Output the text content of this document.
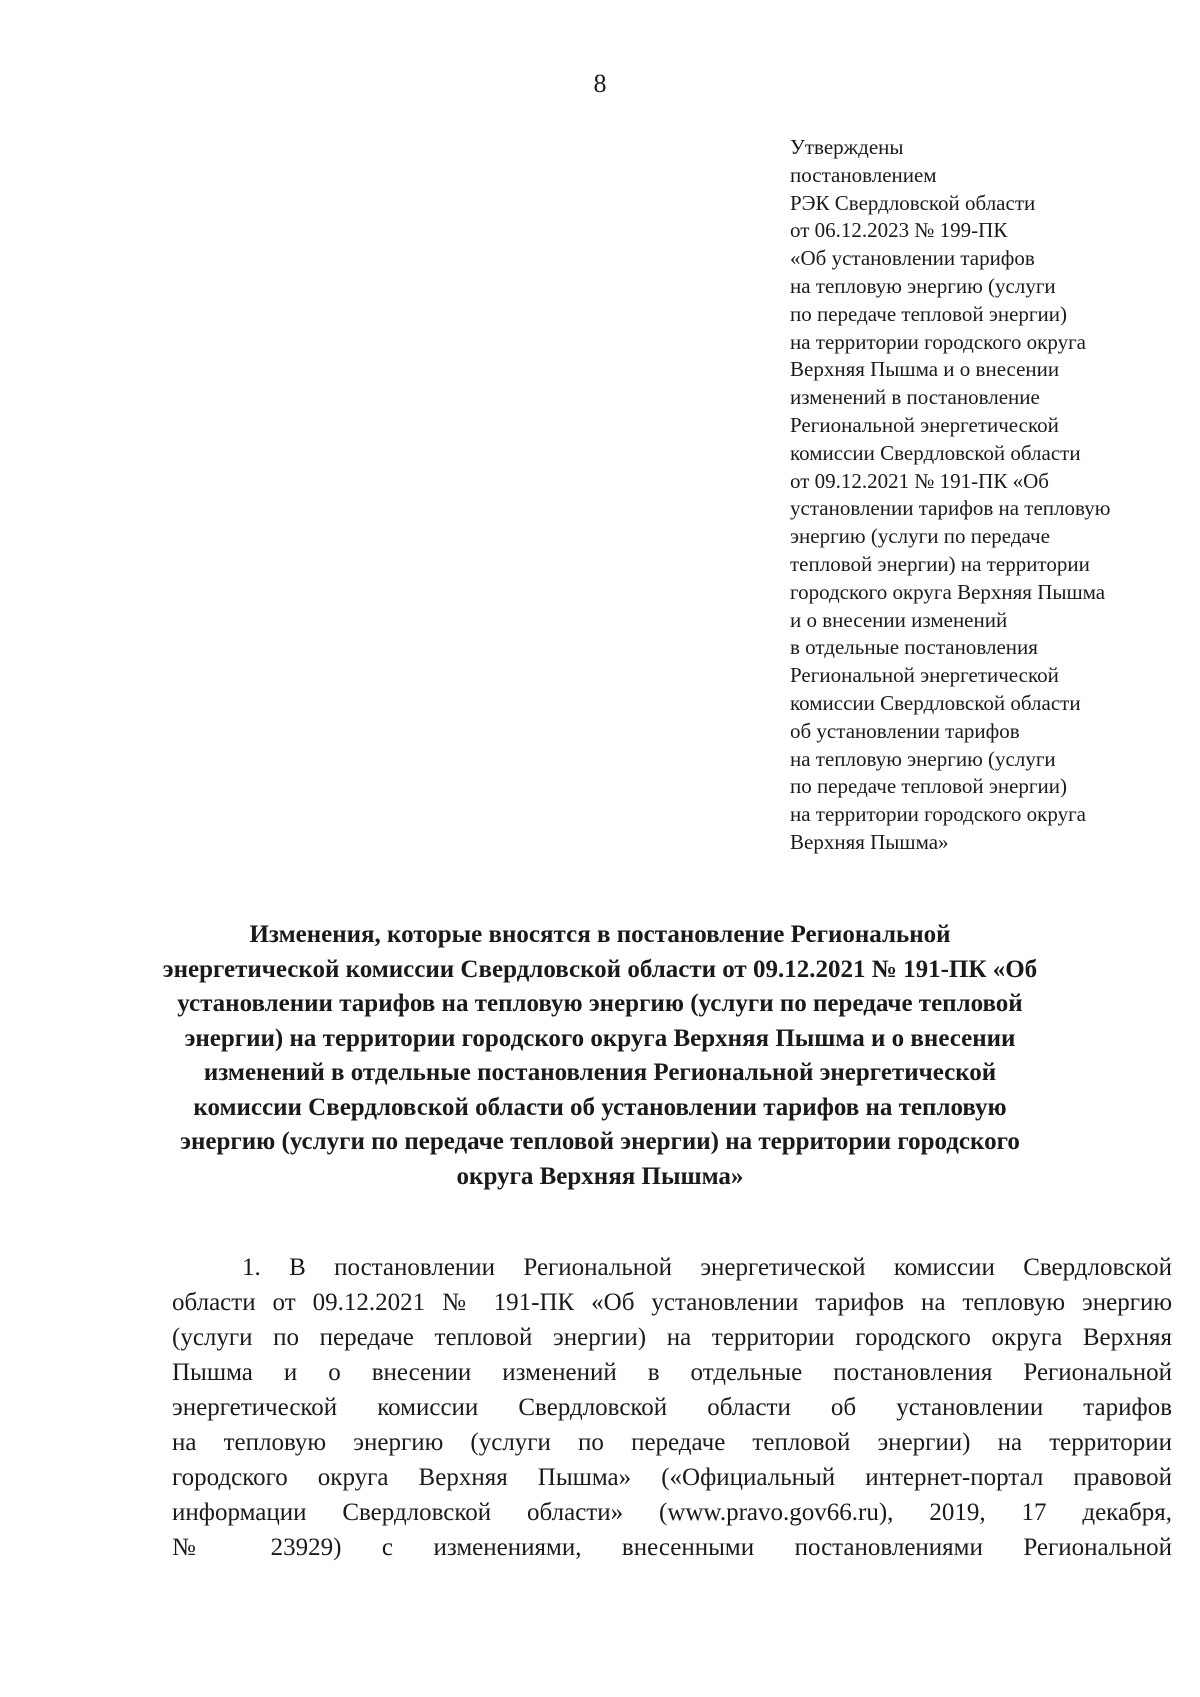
8
Утверждены
постановлением
РЭК Свердловской области
от 06.12.2023 № 199-ПК
«Об установлении тарифов
на тепловую энергию (услуги
по передаче тепловой энергии)
на территории городского округа
Верхняя Пышма и о внесении
изменений в постановление
Региональной энергетической
комиссии Свердловской области
от 09.12.2021 № 191-ПК «Об
установлении тарифов на тепловую
энергию (услуги по передаче
тепловой энергии) на территории
городского округа Верхняя Пышма
и о внесении изменений
в отдельные постановления
Региональной энергетической
комиссии Свердловской области
об установлении тарифов
на тепловую энергию (услуги
по передаче тепловой энергии)
на территории городского округа
Верхняя Пышма»
Изменения, которые вносятся в постановление Региональной
энергетической комиссии Свердловской области от 09.12.2021 № 191-ПК «Об
установлении тарифов на тепловую энергию (услуги по передаче тепловой
энергии) на территории городского округа Верхняя Пышма и о внесении
изменений в отдельные постановления Региональной энергетической
комиссии Свердловской области об установлении тарифов на тепловую
энергию (услуги по передаче тепловой энергии) на территории городского
округа Верхняя Пышма»
1. В постановлении Региональной энергетической комиссии Свердловской
области от 09.12.2021 № 191-ПК «Об установлении тарифов на тепловую энергию
(услуги по передаче тепловой энергии) на территории городского округа Верхняя
Пышма и о внесении изменений в отдельные постановления Региональной
энергетической комиссии Свердловской области об установлении тарифов
на тепловую энергию (услуги по передаче тепловой энергии) на территории
городского округа Верхняя Пышма» («Официальный интернет-портал правовой
информации Свердловской области» (www.pravo.gov66.ru), 2019, 17 декабря,
№ 23929) с изменениями, внесенными постановлениями Региональной
